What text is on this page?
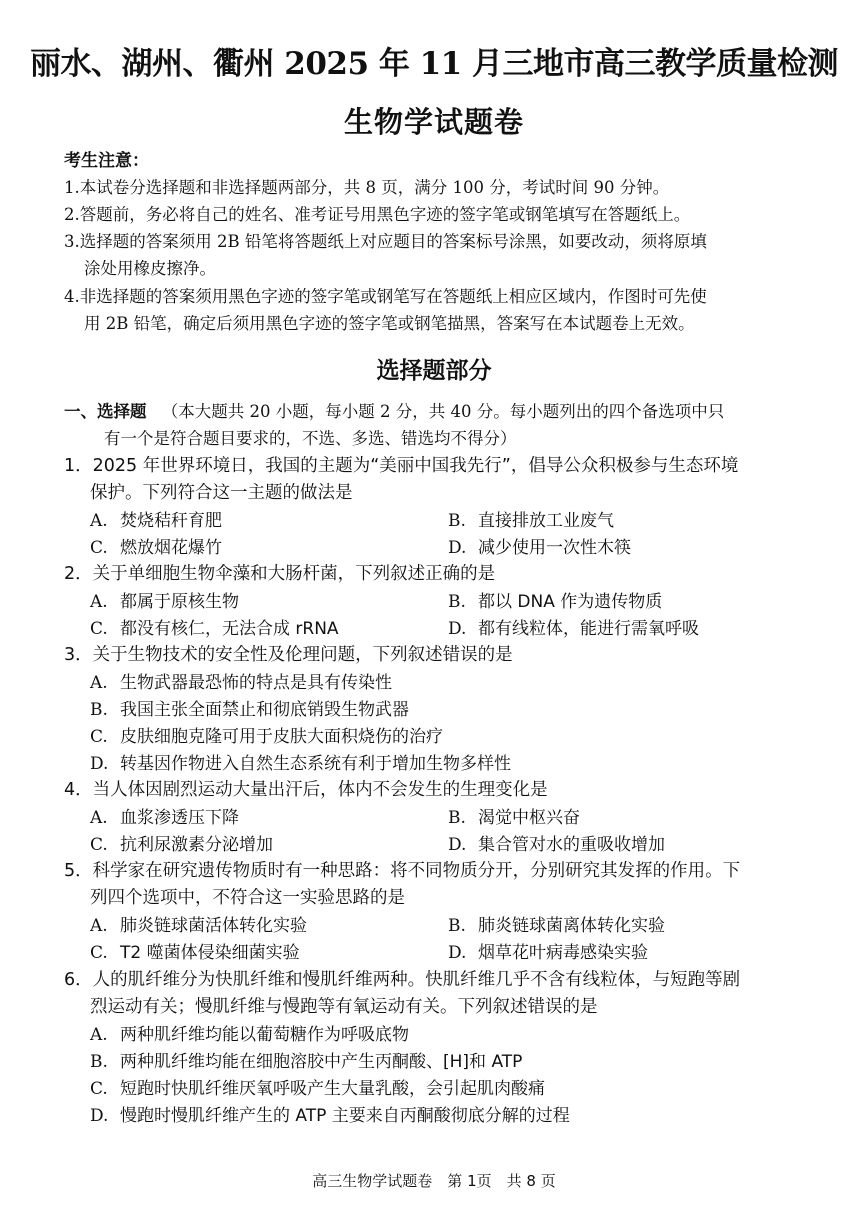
丽水、湖州、衢州 2025 年 11 月三地市高三教学质量检测
生物学试题卷
考生注意：
1.本试卷分选择题和非选择题两部分，共 8 页，满分 100 分，考试时间 90 分钟。
2.答题前，务必将自己的姓名、准考证号用黑色字迹的签字笔或钢笔填写在答题纸上。
3.选择题的答案须用 2B 铅笔将答题纸上对应题目的答案标号涂黑，如要改动，须将原填
涂处用橡皮擦净。
4.非选择题的答案须用黑色字迹的签字笔或钢笔写在答题纸上相应区域内，作图时可先使
用 2B 铅笔，确定后须用黑色字迹的签字笔或钢笔描黑，答案写在本试题卷上无效。
选择题部分
一、选择题 （本大题共 20 小题，每小题 2 分，共 40 分。每小题列出的四个备选项中只
有一个是符合题目要求的，不选、多选、错选均不得分）
1．2025 年世界环境日，我国的主题为“美丽中国我先行”，倡导公众积极参与生态环境
保护。下列符合这一主题的做法是
A. 焚烧秸秆育肥	B. 直接排放工业废气
C. 燃放烟花爆竹	D. 减少使用一次性木筷
2．关于单细胞生物伞藻和大肠杆菌，下列叙述正确的是
A. 都属于原核生物	B. 都以 DNA 作为遗传物质
C. 都没有核仁，无法合成 rRNA	D. 都有线粒体，能进行需氧呼吸
3．关于生物技术的安全性及伦理问题，下列叙述错误的是
A. 生物武器最恐怖的特点是具有传染性
B. 我国主张全面禁止和彻底销毁生物武器
C. 皮肤细胞克隆可用于皮肤大面积烧伤的治疗
D. 转基因作物进入自然生态系统有利于增加生物多样性
4．当人体因剧烈运动大量出汗后，体内不会发生的生理变化是
A. 血浆渗透压下降	B. 渴觉中枢兴奋
C. 抗利尿激素分泌增加	D. 集合管对水的重吸收增加
5．科学家在研究遗传物质时有一种思路：将不同物质分开，分别研究其发挥的作用。下
列四个选项中，不符合这一实验思路的是
A. 肺炎链球菌活体转化实验	B. 肺炎链球菌离体转化实验
C. T2 噬菌体侵染细菌实验	D. 烟草花叶病毒感染实验
6．人的肌纤维分为快肌纤维和慢肌纤维两种。快肌纤维几乎不含有线粒体，与短跑等剧
烈运动有关；慢肌纤维与慢跑等有氧运动有关。下列叙述错误的是
A. 两种肌纤维均能以葡萄糖作为呼吸底物
B. 两种肌纤维均能在细胞溶胶中产生丙酮酸、[H]和 ATP
C. 短跑时快肌纤维厌氧呼吸产生大量乳酸，会引起肌肉酸痛
D. 慢跑时慢肌纤维产生的 ATP 主要来自丙酮酸彻底分解的过程
高三生物学试题卷　第 1页　共 8 页
